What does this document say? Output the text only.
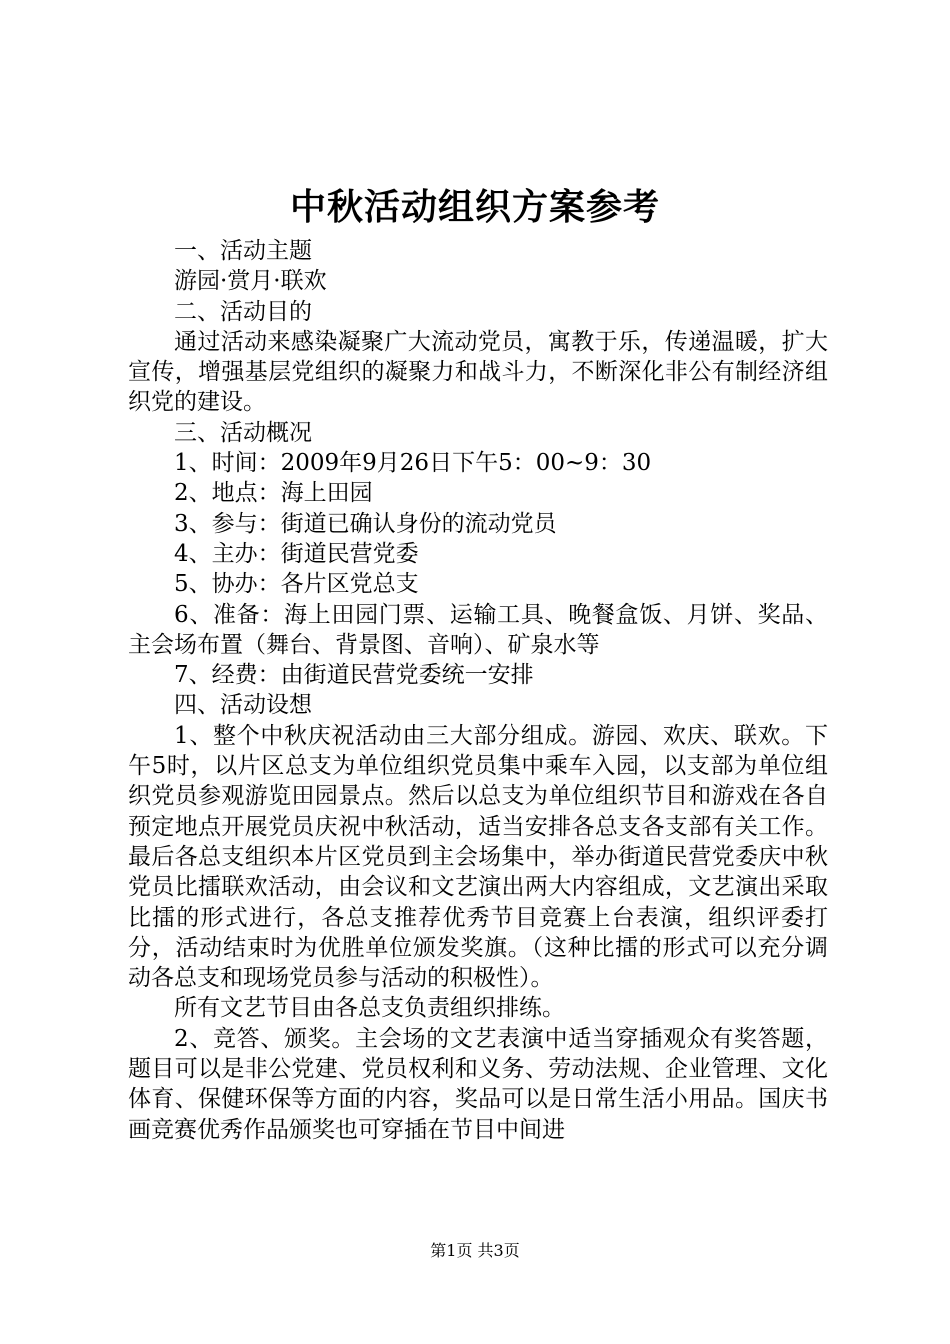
中秋活动组织方案参考

一、活动主题

游园·赏月·联欢

二、活动目的

通过活动来感染凝聚广大流动党员，寓教于乐，传递温暖，扩大宣传，增强基层党组织的凝聚力和战斗力，不断深化非公有制经济组织党的建设。

三、活动概况

1、时间：2009年9月26日下午5：00~9：30

2、地点：海上田园

3、参与：街道已确认身份的流动党员

4、主办：街道民营党委

5、协办：各片区党总支

6、准备：海上田园门票、运输工具、晚餐盒饭、月饼、奖品、主会场布置（舞台、背景图、音响）、矿泉水等

7、经费：由街道民营党委统一安排

四、活动设想

1、整个中秋庆祝活动由三大部分组成。游园、欢庆、联欢。下午5时，以片区总支为单位组织党员集中乘车入园，以支部为单位组织党员参观游览田园景点。然后以总支为单位组织节目和游戏在各自预定地点开展党员庆祝中秋活动，适当安排各总支各支部有关工作。最后各总支组织本片区党员到主会场集中，举办街道民营党委庆中秋党员比擂联欢活动，由会议和文艺演出两大内容组成，文艺演出采取比擂的形式进行，各总支推荐优秀节目竞赛上台表演，组织评委打分，活动结束时为优胜单位颁发奖旗。（这种比擂的形式可以充分调动各总支和现场党员参与活动的积极性）。

所有文艺节目由各总支负责组织排练。

2、竞答、颁奖。主会场的文艺表演中适当穿插观众有奖答题，题目可以是非公党建、党员权利和义务、劳动法规、企业管理、文化体育、保健环保等方面的内容，奖品可以是日常生活小用品。国庆书画竞赛优秀作品颁奖也可穿插在节目中间进

第1页 共3页
